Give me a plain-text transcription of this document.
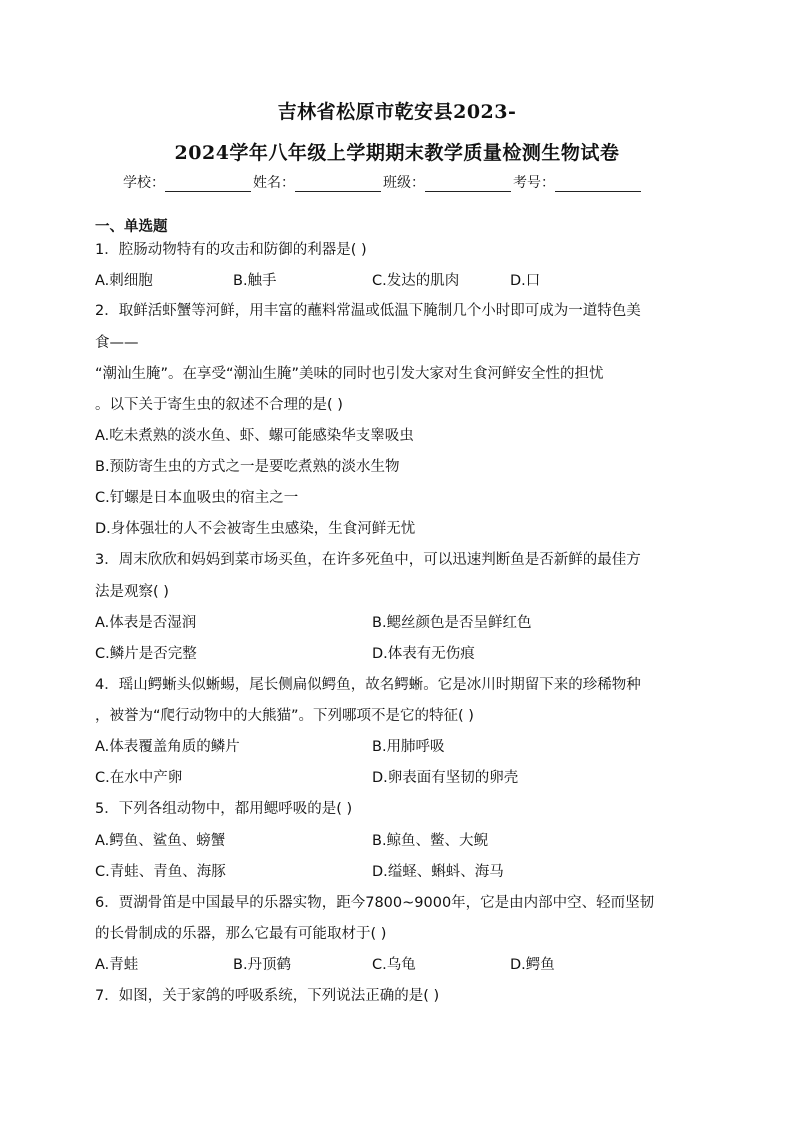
吉林省松原市乾安县2023-
2024学年八年级上学期期末教学质量检测生物试卷
学校：	姓名：	班级：	考号：
一、单选题
1．腔肠动物特有的攻击和防御的利器是( )
A.刺细胞	B.触手	C.发达的肌肉	D.口
2．取鲜活虾蟹等河鲜，用丰富的蘸料常温或低温下腌制几个小时即可成为一道特色美
食——
“潮汕生腌”。在享受“潮汕生腌”美味的同时也引发大家对生食河鲜安全性的担忧
。以下关于寄生虫的叙述不合理的是( )
A.吃未煮熟的淡水鱼、虾、螺可能感染华支睾吸虫
B.预防寄生虫的方式之一是要吃煮熟的淡水生物
C.钉螺是日本血吸虫的宿主之一
D.身体强壮的人不会被寄生虫感染，生食河鲜无忧
3．周末欣欣和妈妈到菜市场买鱼，在许多死鱼中，可以迅速判断鱼是否新鲜的最佳方
法是观察( )
A.体表是否湿润	B.鳃丝颜色是否呈鲜红色
C.鳞片是否完整	D.体表有无伤痕
4．瑶山鳄蜥头似蜥蜴，尾长侧扁似鳄鱼，故名鳄蜥。它是冰川时期留下来的珍稀物种
，被誉为“爬行动物中的大熊猫”。下列哪项不是它的特征( )
A.体表覆盖角质的鳞片	B.用肺呼吸
C.在水中产卵	D.卵表面有坚韧的卵壳
5．下列各组动物中，都用鳃呼吸的是( )
A.鳄鱼、鲨鱼、螃蟹	B.鲸鱼、鳖、大鲵
C.青蛙、青鱼、海豚	D.缢蛏、蝌蚪、海马
6．贾湖骨笛是中国最早的乐器实物，距今7800~9000年，它是由内部中空、轻而坚韧
的长骨制成的乐器，那么它最有可能取材于( )
A.青蛙	B.丹顶鹤	C.乌龟	D.鳄鱼
7．如图，关于家鸽的呼吸系统，下列说法正确的是( )
